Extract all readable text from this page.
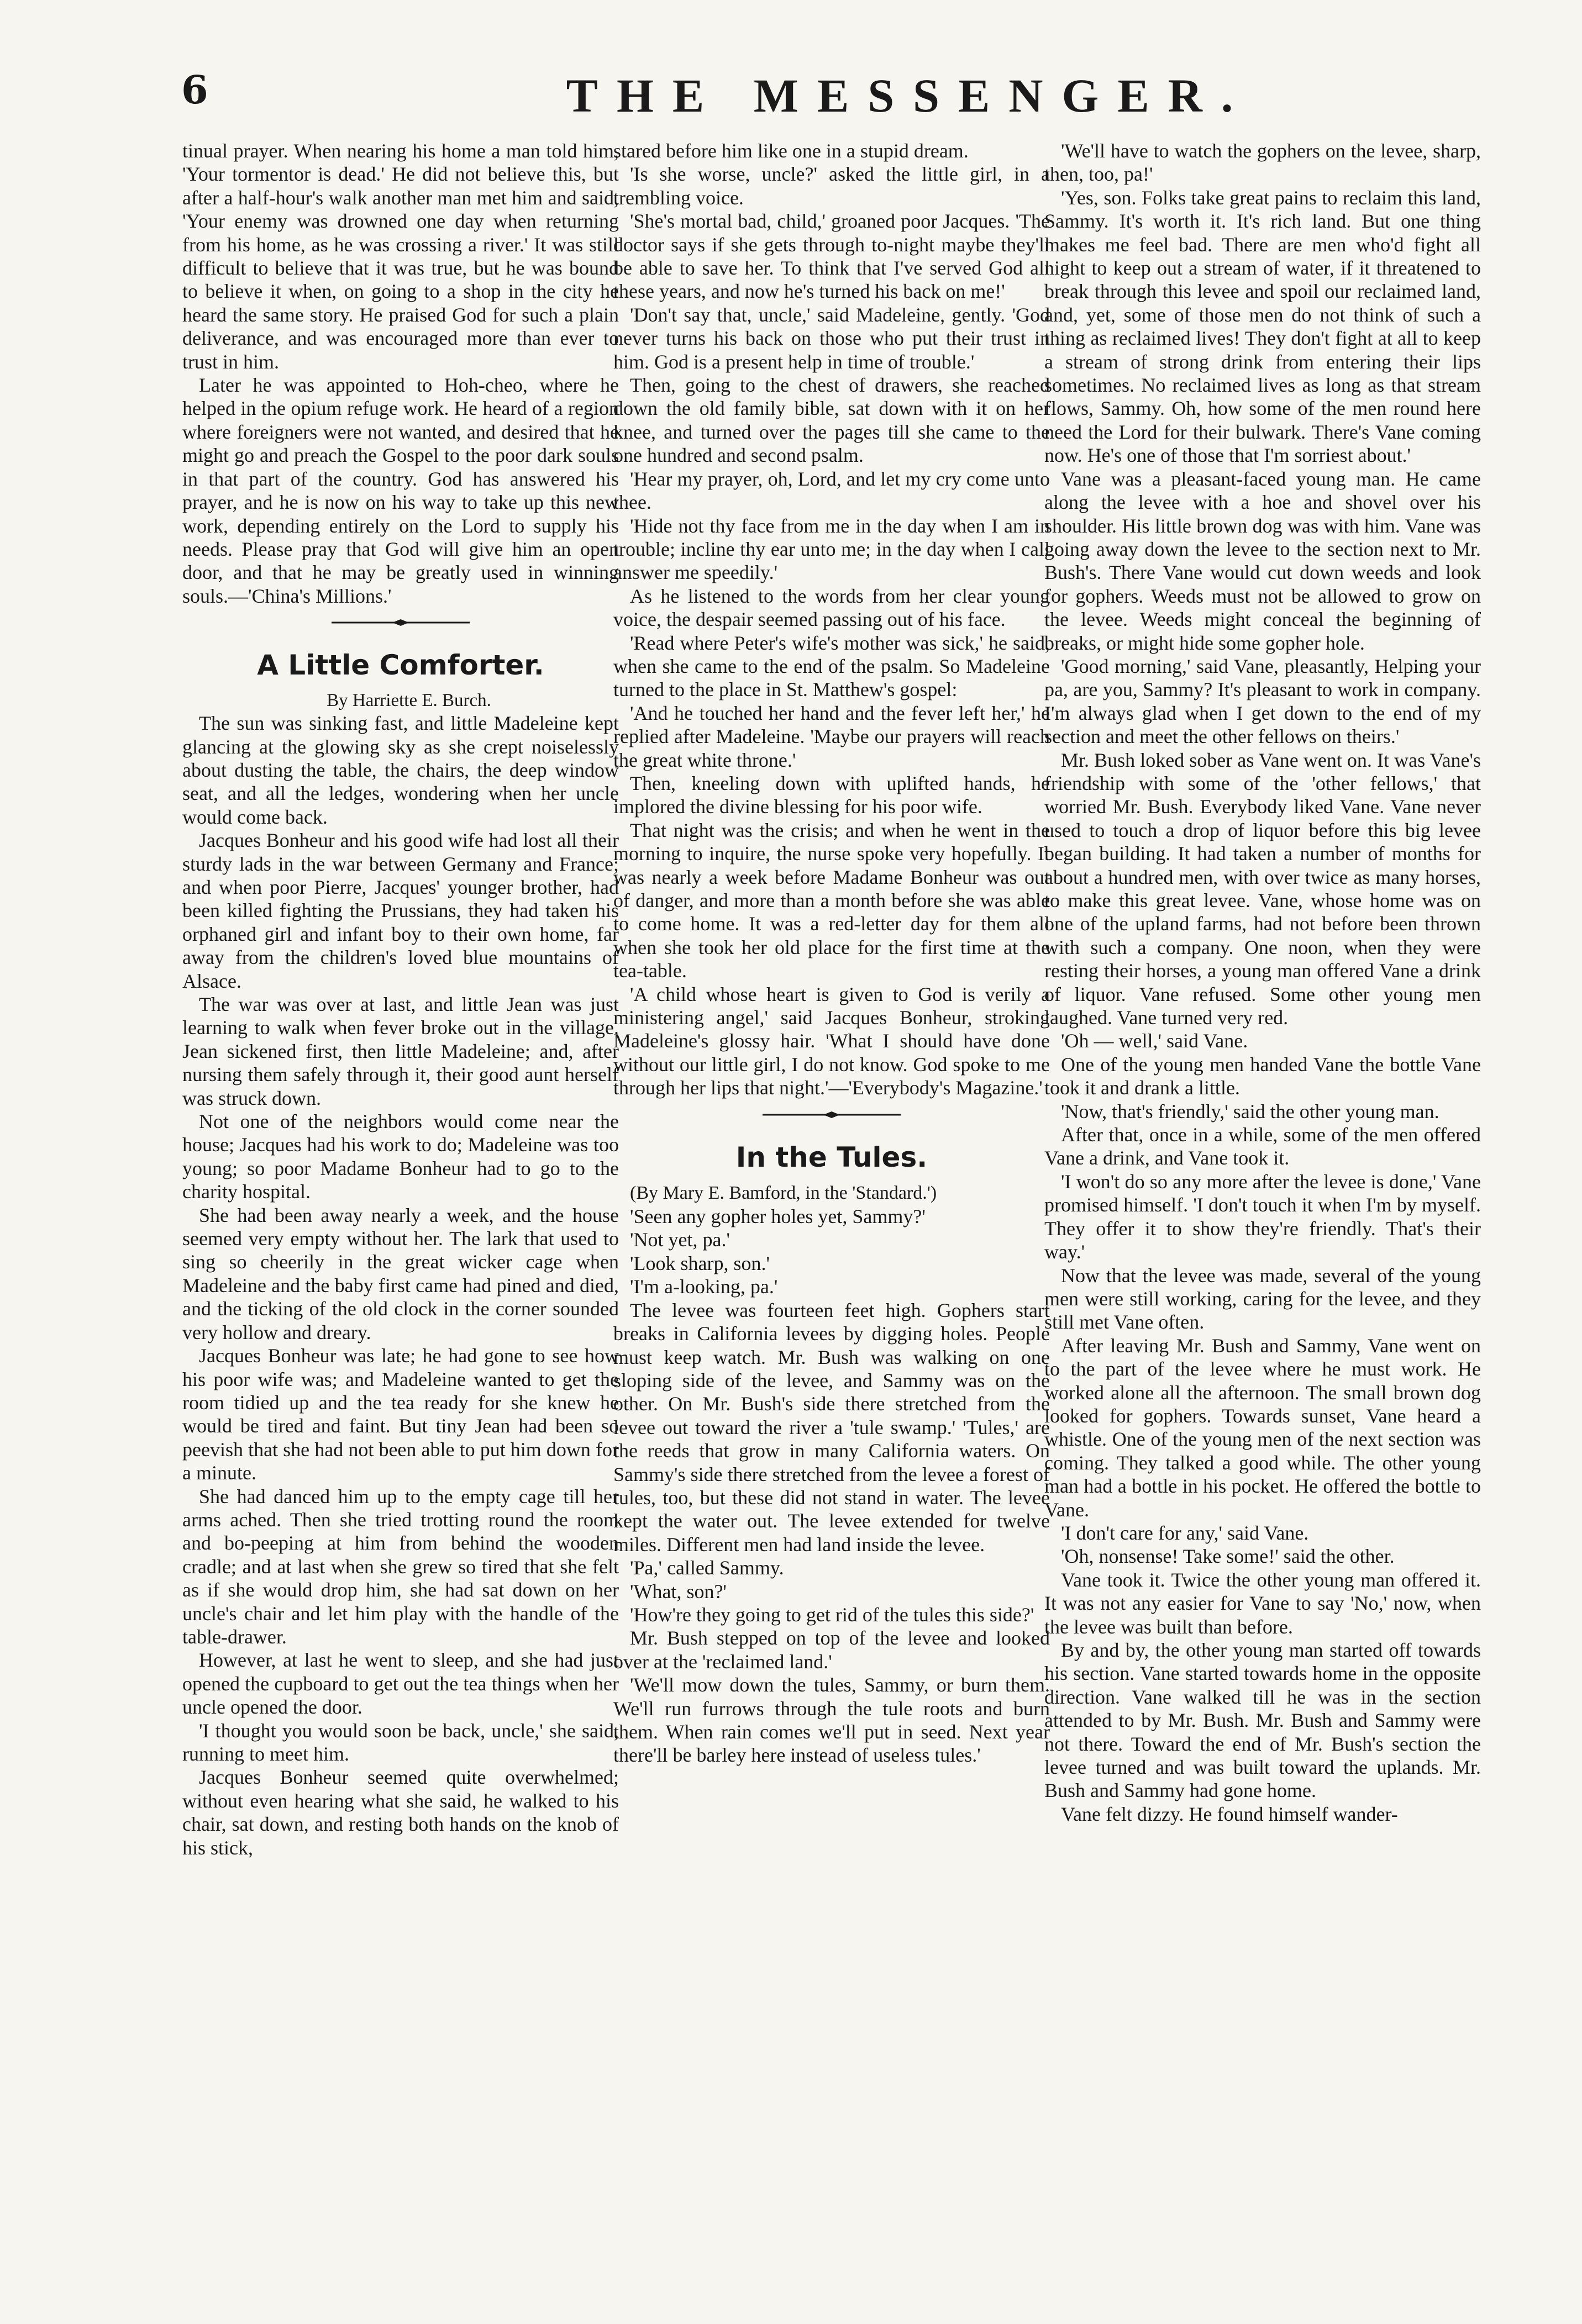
6	THE MESSENGER.

tinual prayer. When nearing his home a man told him, 'Your tormentor is dead.' He did not believe this, but after a half-hour's walk another man met him and said, 'Your enemy was drowned one day when returning from his home, as he was crossing a river.' It was still difficult to believe that it was true, but he was bound to believe it when, on going to a shop in the city he heard the same story. He praised God for such a plain deliverance, and was encouraged more than ever to trust in him.

Later he was appointed to Hoh-cheo, where he helped in the opium refuge work. He heard of a region where foreigners were not wanted, and desired that he might go and preach the Gospel to the poor dark souls in that part of the country. God has answered his prayer, and he is now on his way to take up this new work, depending entirely on the Lord to supply his needs. Please pray that God will give him an open door, and that he may be greatly used in winning souls.—'China's Millions.'

A Little Comforter.

By Harriette E. Burch.

The sun was sinking fast, and little Madeleine kept glancing at the glowing sky as she crept noiselessly about dusting the table, the chairs, the deep window seat, and all the ledges, wondering when her uncle would come back.

Jacques Bonheur and his good wife had lost all their sturdy lads in the war between Germany and France; and when poor Pierre, Jacques' younger brother, had been killed fighting the Prussians, they had taken his orphaned girl and infant boy to their own home, far away from the children's loved blue mountains of Alsace.

The war was over at last, and little Jean was just learning to walk when fever broke out in the village. Jean sickened first, then little Madeleine; and, after nursing them safely through it, their good aunt herself was struck down.

Not one of the neighbors would come near the house; Jacques had his work to do; Madeleine was too young; so poor Madame Bonheur had to go to the charity hospital.

She had been away nearly a week, and the house seemed very empty without her. The lark that used to sing so cheerily in the great wicker cage when Madeleine and the baby first came had pined and died, and the ticking of the old clock in the corner sounded very hollow and dreary.

Jacques Bonheur was late; he had gone to see how his poor wife was; and Madeleine wanted to get the room tidied up and the tea ready for she knew he would be tired and faint. But tiny Jean had been so peevish that she had not been able to put him down for a minute.

She had danced him up to the empty cage till her arms ached. Then she tried trotting round the room and bo-peeping at him from behind the wooden cradle; and at last when she grew so tired that she felt as if she would drop him, she had sat down on her uncle's chair and let him play with the handle of the table-drawer.

However, at last he went to sleep, and she had just opened the cupboard to get out the tea things when her uncle opened the door.

'I thought you would soon be back, uncle,' she said, running to meet him.

Jacques Bonheur seemed quite overwhelmed; without even hearing what she said, he walked to his chair, sat down, and resting both hands on the knob of his stick,

stared before him like one in a stupid dream.

'Is she worse, uncle?' asked the little girl, in a trembling voice.

'She's mortal bad, child,' groaned poor Jacques. 'The doctor says if she gets through to-night maybe they'll be able to save her. To think that I've served God all these years, and now he's turned his back on me!'

'Don't say that, uncle,' said Madeleine, gently. 'God never turns his back on those who put their trust in him. God is a present help in time of trouble.'

Then, going to the chest of drawers, she reached down the old family bible, sat down with it on her knee, and turned over the pages till she came to the one hundred and second psalm.

'Hear my prayer, oh, Lord, and let my cry come unto thee.

'Hide not thy face from me in the day when I am in trouble; incline thy ear unto me; in the day when I call answer me speedily.'

As he listened to the words from her clear young voice, the despair seemed passing out of his face.

'Read where Peter's wife's mother was sick,' he said, when she came to the end of the psalm. So Madeleine turned to the place in St. Matthew's gospel:

'And he touched her hand and the fever left her,' he replied after Madeleine. 'Maybe our prayers will reach the great white throne.'

Then, kneeling down with uplifted hands, he implored the divine blessing for his poor wife.

That night was the crisis; and when he went in the morning to inquire, the nurse spoke very hopefully. It was nearly a week before Madame Bonheur was out of danger, and more than a month before she was able to come home. It was a red-letter day for them all when she took her old place for the first time at the tea-table.

'A child whose heart is given to God is verily a ministering angel,' said Jacques Bonheur, stroking Madeleine's glossy hair. 'What I should have done without our little girl, I do not know. God spoke to me through her lips that night.'—'Everybody's Magazine.'

In the Tules.

(By Mary E. Bamford, in the 'Standard.')

'Seen any gopher holes yet, Sammy?'

'Not yet, pa.'

'Look sharp, son.'

'I'm a-looking, pa.'

The levee was fourteen feet high. Gophers start breaks in California levees by digging holes. People must keep watch. Mr. Bush was walking on one sloping side of the levee, and Sammy was on the other. On Mr. Bush's side there stretched from the levee out toward the river a 'tule swamp.' 'Tules,' are the reeds that grow in many California waters. On Sammy's side there stretched from the levee a forest of tules, too, but these did not stand in water. The levee kept the water out. The levee extended for twelve miles. Different men had land inside the levee.

'Pa,' called Sammy.

'What, son?'

'How're they going to get rid of the tules this side?'

Mr. Bush stepped on top of the levee and looked over at the 'reclaimed land.'

'We'll mow down the tules, Sammy, or burn them. We'll run furrows through the tule roots and burn them. When rain comes we'll put in seed. Next year there'll be barley here instead of useless tules.'

'We'll have to watch the gophers on the levee, sharp, then, too, pa!'

'Yes, son. Folks take great pains to reclaim this land, Sammy. It's worth it. It's rich land. But one thing makes me feel bad. There are men who'd fight all night to keep out a stream of water, if it threatened to break through this levee and spoil our reclaimed land, and, yet, some of those men do not think of such a thing as reclaimed lives! They don't fight at all to keep a stream of strong drink from entering their lips sometimes. No reclaimed lives as long as that stream flows, Sammy. Oh, how some of the men round here need the Lord for their bulwark. There's Vane coming now. He's one of those that I'm sorriest about.'

Vane was a pleasant-faced young man. He came along the levee with a hoe and shovel over his shoulder. His little brown dog was with him. Vane was going away down the levee to the section next to Mr. Bush's. There Vane would cut down weeds and look for gophers. Weeds must not be allowed to grow on the levee. Weeds might conceal the beginning of breaks, or might hide some gopher hole.

'Good morning,' said Vane, pleasantly, Helping your pa, are you, Sammy? It's pleasant to work in company. I'm always glad when I get down to the end of my section and meet the other fellows on theirs.'

Mr. Bush loked sober as Vane went on. It was Vane's friendship with some of the 'other fellows,' that worried Mr. Bush. Everybody liked Vane. Vane never used to touch a drop of liquor before this big levee began building. It had taken a number of months for about a hundred men, with over twice as many horses, to make this great levee. Vane, whose home was on one of the upland farms, had not before been thrown with such a company. One noon, when they were resting their horses, a young man offered Vane a drink of liquor. Vane refused. Some other young men laughed. Vane turned very red.

'Oh — well,' said Vane.

One of the young men handed Vane the bottle Vane took it and drank a little.

'Now, that's friendly,' said the other young man.

After that, once in a while, some of the men offered Vane a drink, and Vane took it.

'I won't do so any more after the levee is done,' Vane promised himself. 'I don't touch it when I'm by myself. They offer it to show they're friendly. That's their way.'

Now that the levee was made, several of the young men were still working, caring for the levee, and they still met Vane often.

After leaving Mr. Bush and Sammy, Vane went on to the part of the levee where he must work. He worked alone all the afternoon. The small brown dog looked for gophers. Towards sunset, Vane heard a whistle. One of the young men of the next section was coming. They talked a good while. The other young man had a bottle in his pocket. He offered the bottle to Vane.

'I don't care for any,' said Vane.

'Oh, nonsense! Take some!' said the other.

Vane took it. Twice the other young man offered it. It was not any easier for Vane to say 'No,' now, when the levee was built than before.

By and by, the other young man started off towards his section. Vane started towards home in the opposite direction. Vane walked till he was in the section attended to by Mr. Bush. Mr. Bush and Sammy were not there. Toward the end of Mr. Bush's section the levee turned and was built toward the uplands. Mr. Bush and Sammy had gone home.

Vane felt dizzy. He found himself wander-
